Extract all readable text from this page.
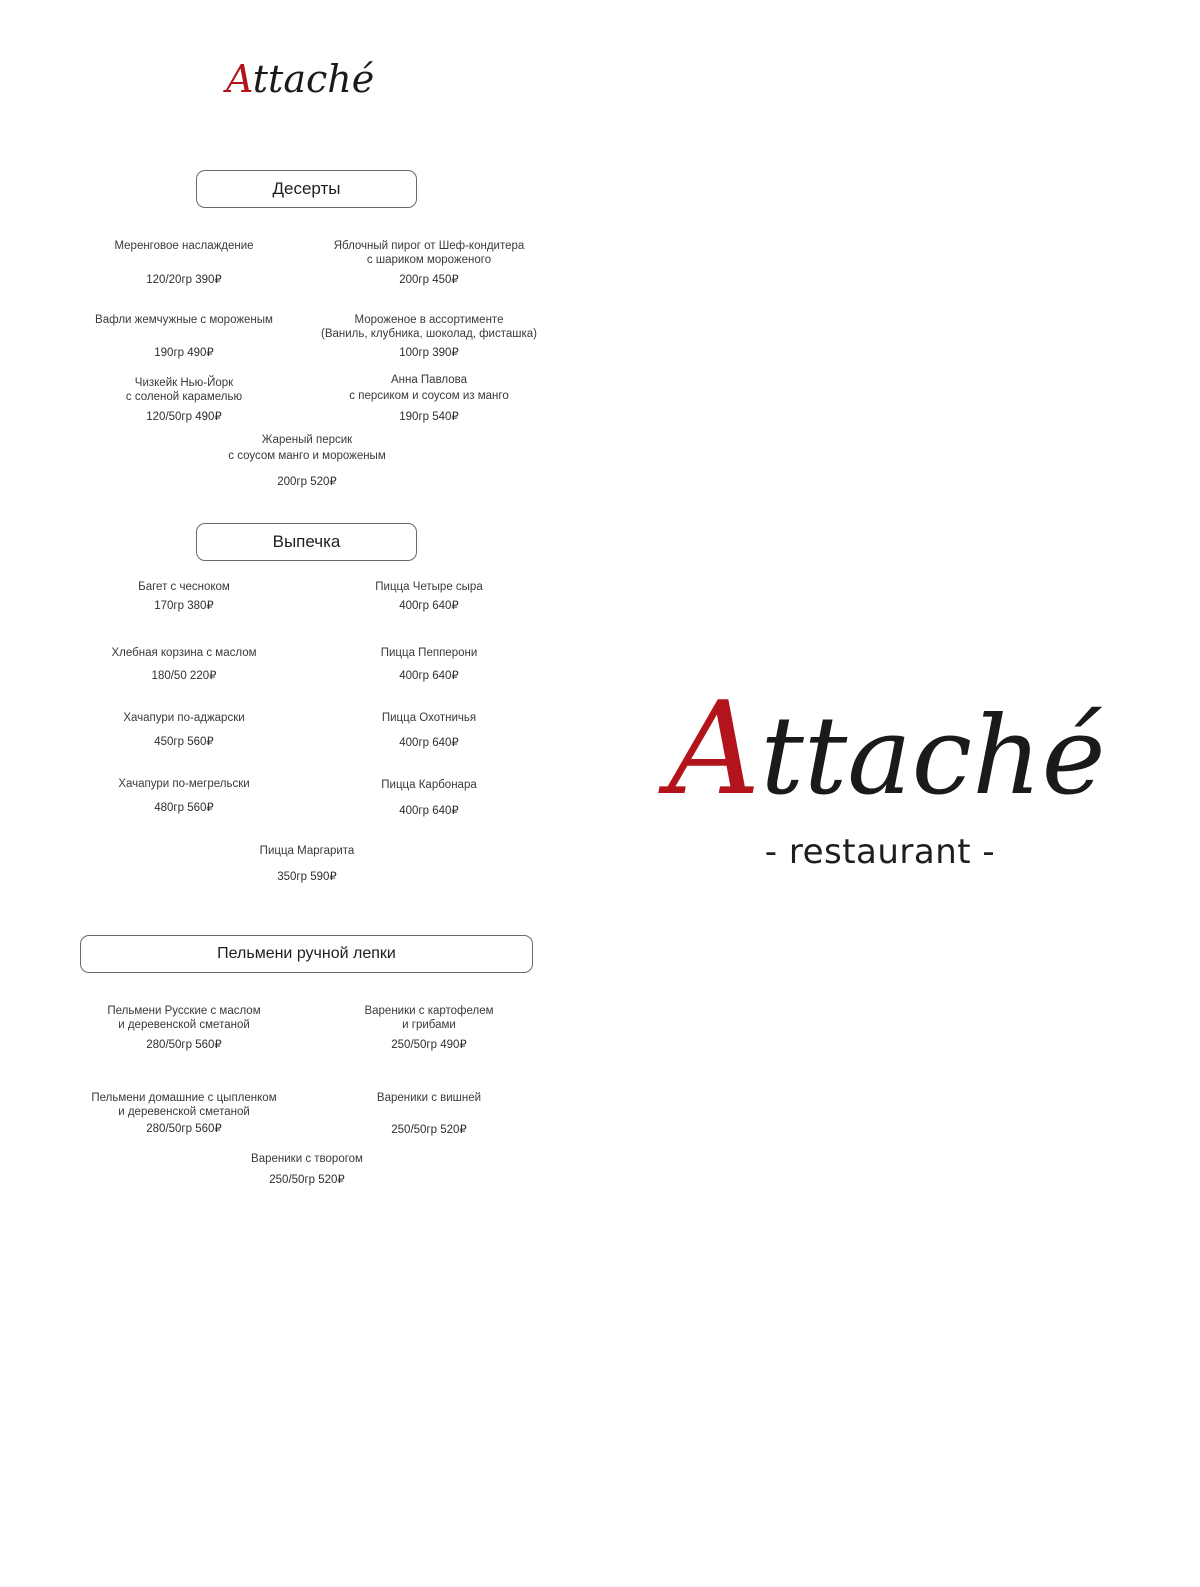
Attaché
Десерты
Меренговое наслаждение
120/20гр 390₽
Яблочный пирог от Шеф-кондитера
с шариком мороженого
200гр 450₽
Вафли жемчужные с мороженым
190гр 490₽
Мороженое в ассортименте
(Ваниль, клубника, шоколад, фисташка)
100гр 390₽
Чизкейк Нью-Йорк
с соленой карамелью
120/50гр 490₽
Анна Павлова
с персиком и соусом из манго
190гр 540₽
Жареный персик
с соусом манго и мороженым
200гр 520₽
Выпечка
Багет с чесноком
170гр 380₽
Пицца Четыре сыра
400гр 640₽
Хлебная корзина с маслом
180/50 220₽
Пицца Пепперони
400гр 640₽
Хачапури по-аджарски
450гр 560₽
Пицца Охотничья
400гр 640₽
Хачапури по-мегрельски
480гр 560₽
Пицца Карбонара
400гр 640₽
Пицца Маргарита
350гр 590₽
Пельмени ручной лепки
Пельмени Русские с маслом
и деревенской сметаной
280/50гр 560₽
Вареники с картофелем
и грибами
250/50гр 490₽
Пельмени домашние с цыпленком
и деревенской сметаной
280/50гр 560₽
Вареники с вишней
250/50гр 520₽
Вареники с творогом
250/50гр 520₽
Attaché
- restaurant -
